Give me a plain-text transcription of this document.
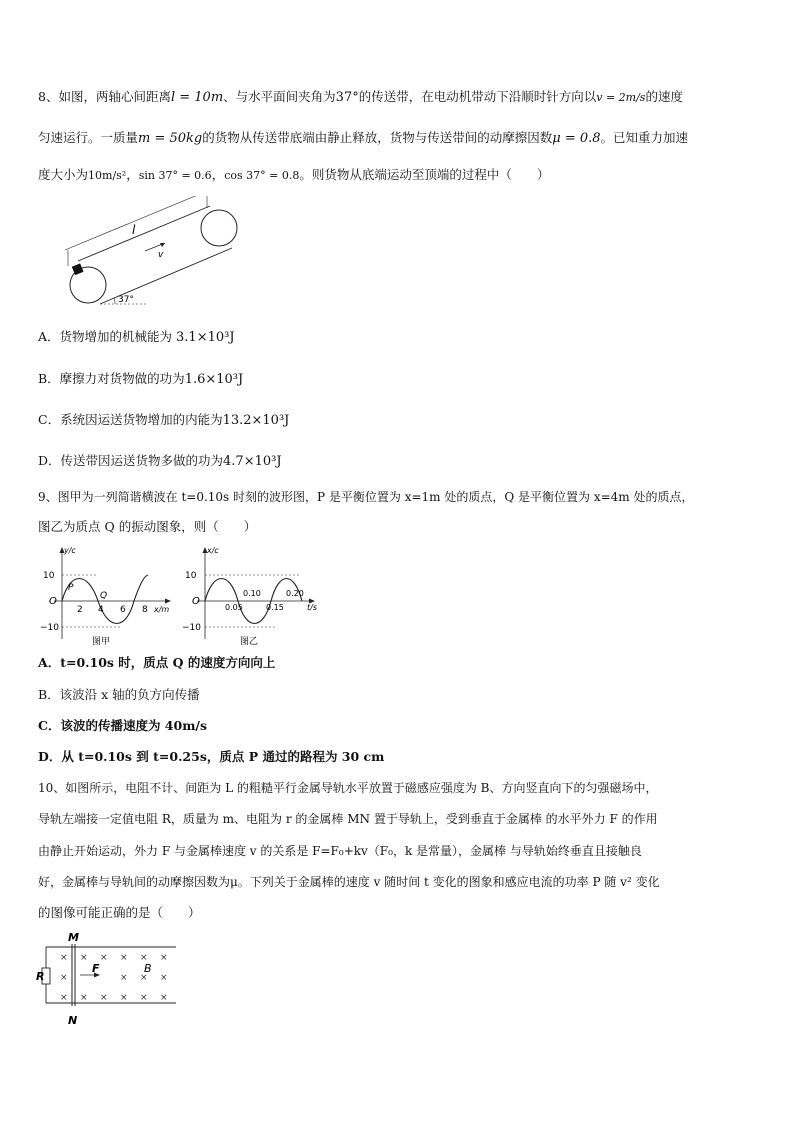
8、如图，两轴心间距离l = 10m、与水平面间夹角为37°的传送带，在电动机带动下沿顺时针方向以v = 2m/s的速度
匀速运行。一质量m = 50kg的货物从传送带底端由静止释放，货物与传送带间的动摩擦因数μ = 0.8。已知重力加速
度大小为10m/s²，sin 37° = 0.6，cos 37° = 0.8。则货物从底端运动至顶端的过程中（　　）
l
v
37°
A．货物增加的机械能为 3.1×10³J
B．摩擦力对货物做的功为1.6×10³J
C．系统因运送货物增加的内能为13.2×10³J
D．传送带因运送货物多做的功为4.7×10³J
9、图甲为一列简谐横波在 t=0.10s 时刻的波形图，P 是平衡位置为 x=1m 处的质点，Q 是平衡位置为 x=4m 处的质点，
图乙为质点 Q 的振动图象，则（　　）
y/c
10
−10
O
2 4 6 8 x/m
P
Q
图甲
x/c
10
−10
O
0.05	0.15
0.10	0.20
t/s
图乙
A．t=0.10s 时，质点 Q 的速度方向向上
B．该波沿 x 轴的负方向传播
C．该波的传播速度为 40m/s
D．从 t=0.10s 到 t=0.25s，质点 P 通过的路程为 30 cm
10、如图所示，电阻不计、间距为 L 的粗糙平行金属导轨水平放置于磁感应强度为 B、方向竖直向下的匀强磁场中，
导轨左端接一定值电阻 R，质量为 m、电阻为 r 的金属棒 MN 置于导轨上，受到垂直于金属棒 的水平外力 F 的作用
由静止开始运动，外力 F 与金属棒速度 v 的关系是 F=F₀+kv（F₀，k 是常量），金属棒 与导轨始终垂直且接触良
好，金属棒与导轨间的动摩擦因数为μ。下列关于金属棒的速度 v 随时间 t 变化的图象和感应电流的功率 P 随 v² 变化
的图像可能正确的是（　　）
×
×
×
×
×
×
×
×
×
×
×
×
×
×
×
×
M
N
R
F	B
